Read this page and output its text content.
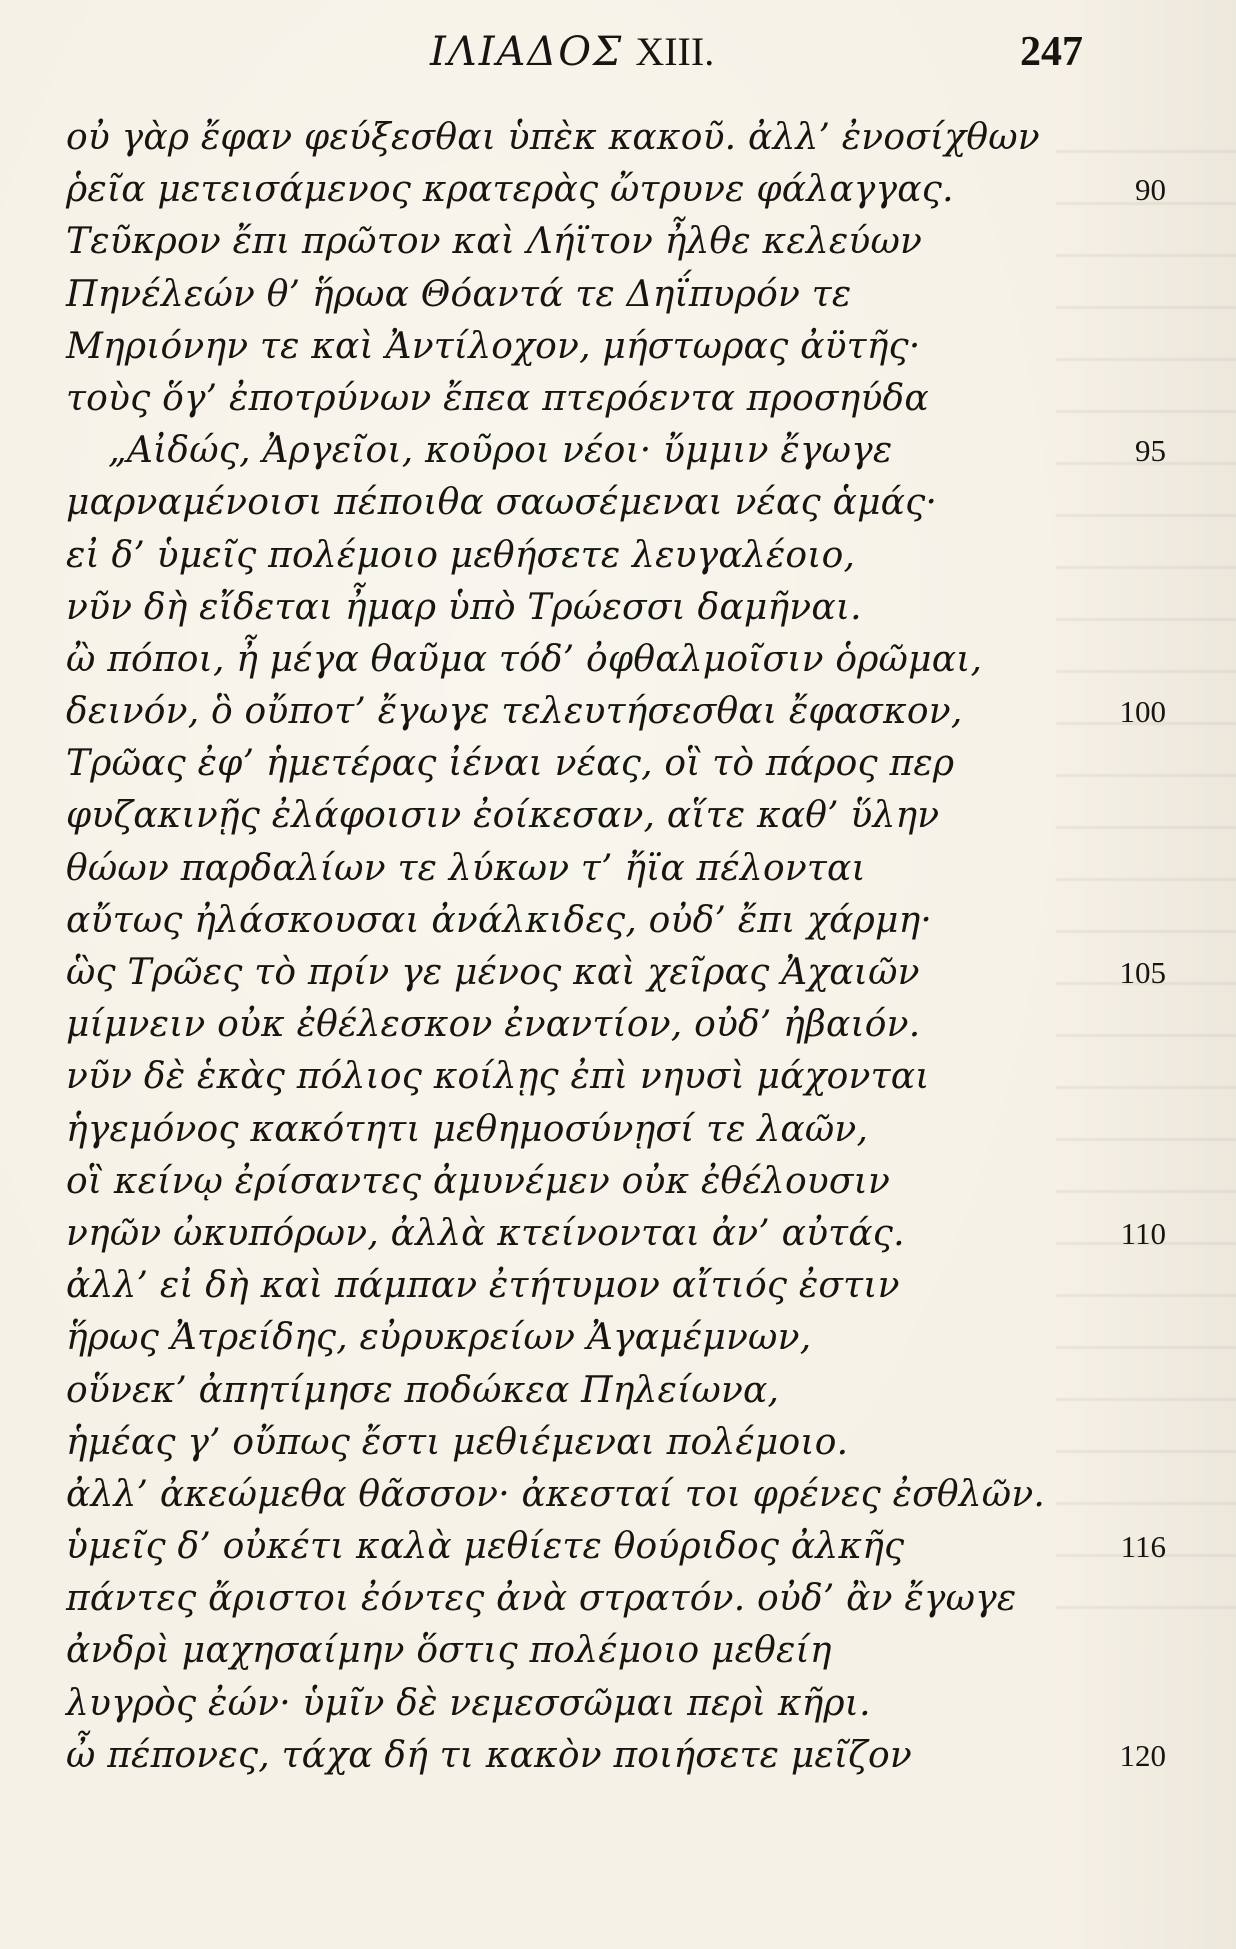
ΙΛΙΑΔΟΣ XIII.	247
οὐ γὰρ ἔφαν φεύξεσθαι ὑπὲκ κακοῦ. ἀλλ’ ἐνοσίχθων
ῥεῖα μετεισάμενος κρατερὰς ὤτρυνε φάλαγγας.	90
Τεῦκρον ἔπι πρῶτον καὶ Λήϊτον ἦλθε κελεύων
Πηνέλεών θ’ ἥρωα Θόαντά τε Δηΐπυρόν τε
Μηριόνην τε καὶ Ἀντίλοχον, μήστωρας ἀϋτῆς·
τοὺς ὅγ’ ἐποτρύνων ἔπεα πτερόεντα προσηύδα
„Αἰδώς, Ἀργεῖοι, κοῦροι νέοι· ὔμμιν ἔγωγε	95
μαρναμένοισι πέποιθα σαωσέμεναι νέας ἁμάς·
εἰ δ’ ὑμεῖς πολέμοιο μεθήσετε λευγαλέοιο,
νῦν δὴ εἴδεται ἦμαρ ὑπὸ Τρώεσσι δαμῆναι.
ὢ πόποι, ἦ μέγα θαῦμα τόδ’ ὀφθαλμοῖσιν ὁρῶμαι,
δεινόν, ὃ οὔποτ’ ἔγωγε τελευτήσεσθαι ἔφασκον,	100
Τρῶας ἐφ’ ἡμετέρας ἰέναι νέας, οἳ τὸ πάρος περ
φυζακινῇς ἐλάφοισιν ἐοίκεσαν, αἵτε καθ’ ὕλην
θώων παρδαλίων τε λύκων τ’ ἤϊα πέλονται
αὔτως ἠλάσκουσαι ἀνάλκιδες, οὐδ’ ἔπι χάρμη·
ὣς Τρῶες τὸ πρίν γε μένος καὶ χεῖρας Ἀχαιῶν	105
μίμνειν οὐκ ἐθέλεσκον ἐναντίον, οὐδ’ ἠβαιόν.
νῦν δὲ ἑκὰς πόλιος κοίλῃς ἐπὶ νηυσὶ μάχονται
ἡγεμόνος κακότητι μεθημοσύνῃσί τε λαῶν,
οἳ κείνῳ ἐρίσαντες ἀμυνέμεν οὐκ ἐθέλουσιν
νηῶν ὠκυπόρων, ἀλλὰ κτείνονται ἀν’ αὐτάς.	110
ἀλλ’ εἰ δὴ καὶ πάμπαν ἐτήτυμον αἴτιός ἐστιν
ἥρως Ἀτρείδης, εὐρυκρείων Ἀγαμέμνων,
οὕνεκ’ ἀπητίμησε ποδώκεα Πηλείωνα,
ἡμέας γ’ οὔπως ἔστι μεθιέμεναι πολέμοιο.
ἀλλ’ ἀκεώμεθα θᾶσσον· ἀκεσταί τοι φρένες ἐσθλῶν.
ὑμεῖς δ’ οὐκέτι καλὰ μεθίετε θούριδος ἀλκῆς	116
πάντες ἄριστοι ἐόντες ἀνὰ στρατόν. οὐδ’ ἂν ἔγωγε
ἀνδρὶ μαχησαίμην ὅστις πολέμοιο μεθείη
λυγρὸς ἐών· ὑμῖν δὲ νεμεσσῶμαι περὶ κῆρι.
ὦ πέπονες, τάχα δή τι κακὸν ποιήσετε μεῖζον	120
